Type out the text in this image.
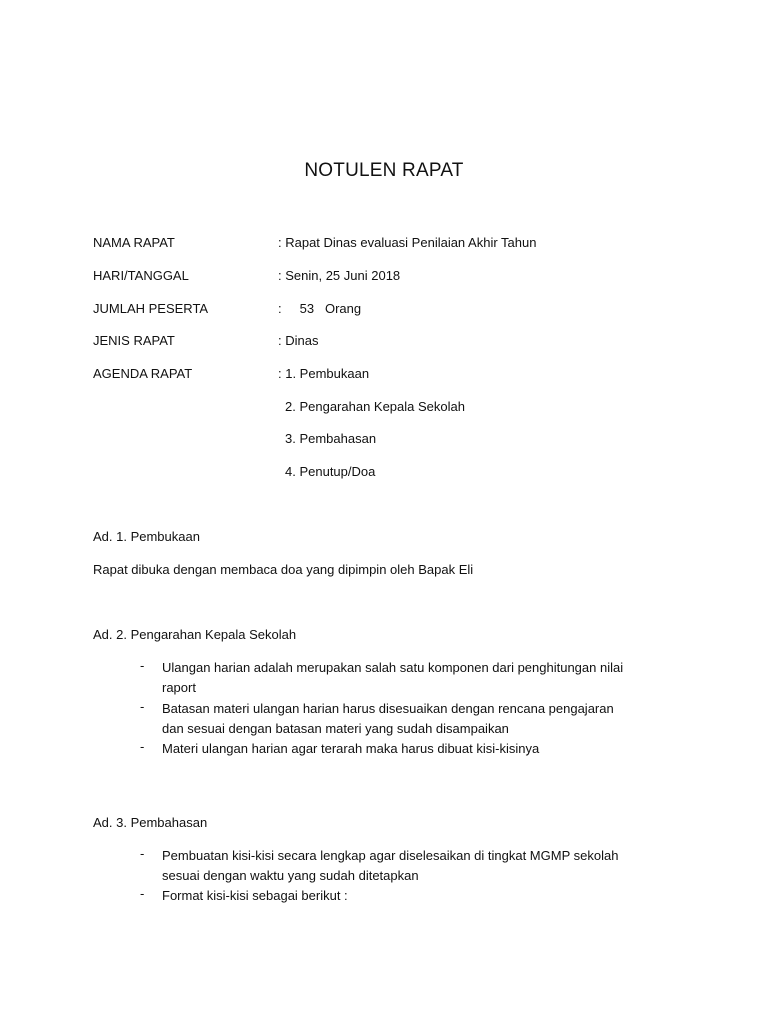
NOTULEN RAPAT
NAMA RAPAT	: Rapat Dinas evaluasi Penilaian Akhir Tahun
HARI/TANGGAL	: Senin, 25 Juni 2018
JUMLAH PESERTA	:     53   Orang
JENIS RAPAT	: Dinas
AGENDA RAPAT	: 1. Pembukaan
2. Pengarahan Kepala Sekolah
3. Pembahasan
4. Penutup/Doa
Ad. 1. Pembukaan
Rapat dibuka dengan membaca doa yang dipimpin oleh Bapak Eli
Ad. 2. Pengarahan Kepala Sekolah
- Ulangan harian adalah merupakan salah satu komponen dari penghitungan nilai
raport
- Batasan materi ulangan harian harus disesuaikan dengan rencana pengajaran
dan sesuai dengan batasan materi yang sudah disampaikan
- Materi ulangan harian agar terarah maka harus dibuat kisi-kisinya
Ad. 3. Pembahasan
- Pembuatan kisi-kisi secara lengkap agar diselesaikan di tingkat MGMP sekolah
sesuai dengan waktu yang sudah ditetapkan
- Format kisi-kisi sebagai berikut :
